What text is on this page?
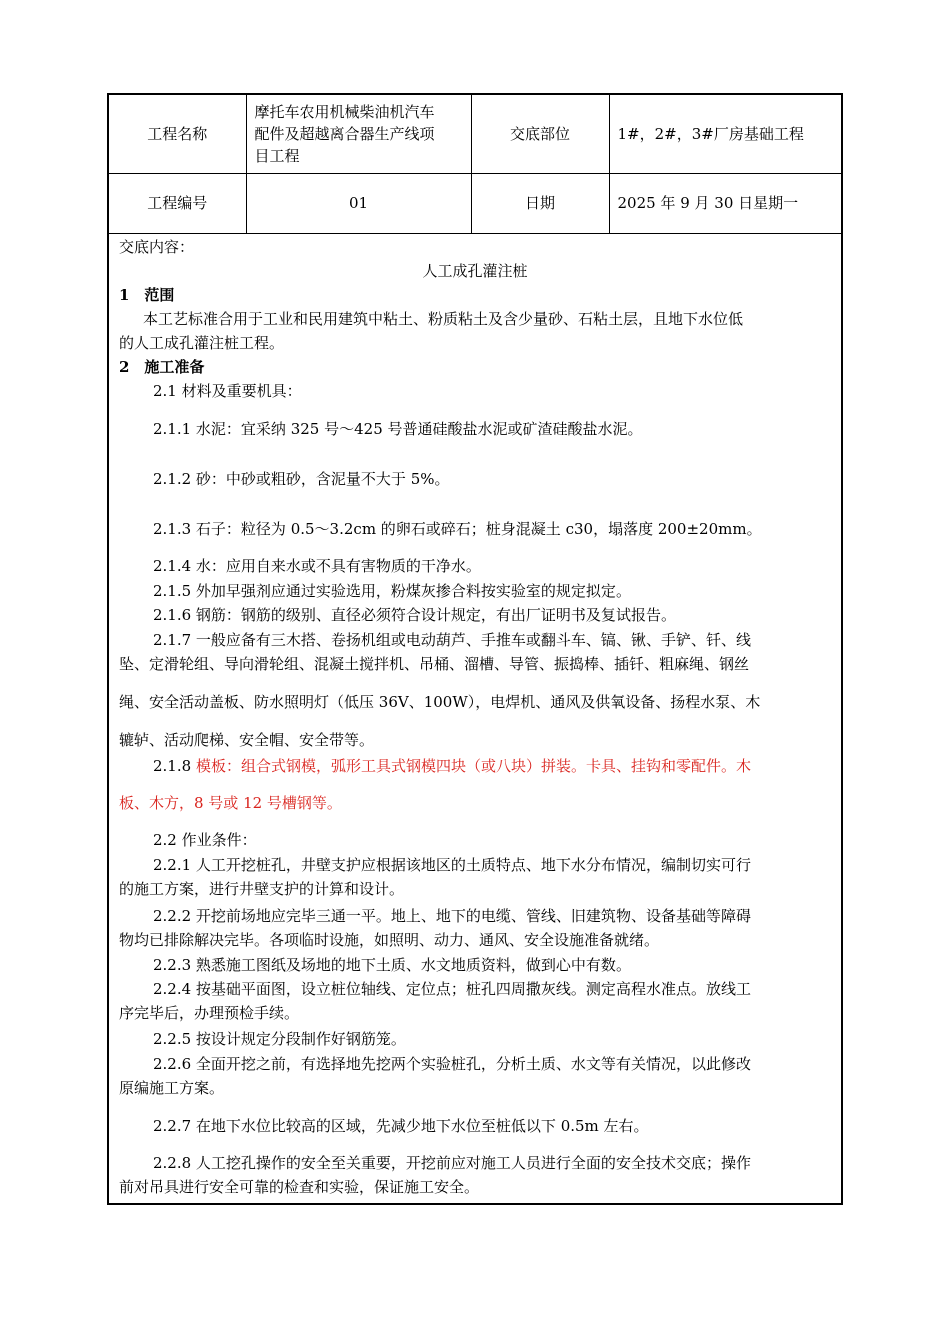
工程名称	摩托车农用机械柴油机汽车
配件及超越离合器生产线项
目工程	交底部位	1#，2#，3#厂房基础工程
工程编号	01	日期	2025 年 9 月 30 日星期一
交底内容：
人工成孔灌注桩
1　范围
本工艺标准合用于工业和民用建筑中粘土、粉质粘土及含少量砂、石粘土层，且地下水位低
的人工成孔灌注桩工程。
2　施工准备
2.1 材料及重要机具：
2.1.1 水泥：宜采纳 325 号～425 号普通硅酸盐水泥或矿渣硅酸盐水泥。
2.1.2 砂：中砂或粗砂，含泥量不大于 5%。
2.1.3 石子：粒径为 0.5～3.2cm 的卵石或碎石；桩身混凝土 c30，塌落度 200±20mm。
2.1.4 水：应用自来水或不具有害物质的干净水。
2.1.5 外加早强剂应通过实验选用，粉煤灰掺合料按实验室的规定拟定。
2.1.6 钢筋：钢筋的级别、直径必须符合设计规定，有出厂证明书及复试报告。
2.1.7 一般应备有三木搭、卷扬机组或电动葫芦、手推车或翻斗车、镐、锹、手铲、钎、线
坠、定滑轮组、导向滑轮组、混凝土搅拌机、吊桶、溜槽、导管、振捣棒、插钎、粗麻绳、钢丝
绳、安全活动盖板、防水照明灯（低压 36V、100W），电焊机、通风及供氧设备、扬程水泵、木
辘轳、活动爬梯、安全帽、安全带等。
2.1.8 模板：组合式钢模，弧形工具式钢模四块（或八块）拼装。卡具、挂钩和零配件。木
板、木方，8 号或 12 号槽钢等。
2.2 作业条件：
2.2.1 人工开挖桩孔，井壁支护应根据该地区的土质特点、地下水分布情况，编制切实可行
的施工方案，进行井壁支护的计算和设计。
2.2.2 开挖前场地应完毕三通一平。地上、地下的电缆、管线、旧建筑物、设备基础等障碍
物均已排除解决完毕。各项临时设施，如照明、动力、通风、安全设施准备就绪。
2.2.3 熟悉施工图纸及场地的地下土质、水文地质资料，做到心中有数。
2.2.4 按基础平面图，设立桩位轴线、定位点；桩孔四周撒灰线。测定高程水准点。放线工
序完毕后，办理预检手续。
2.2.5 按设计规定分段制作好钢筋笼。
2.2.6 全面开挖之前，有选择地先挖两个实验桩孔，分析土质、水文等有关情况，以此修改
原编施工方案。
2.2.7 在地下水位比较高的区域，先减少地下水位至桩低以下 0.5m 左右。
2.2.8 人工挖孔操作的安全至关重要，开挖前应对施工人员进行全面的安全技术交底；操作
前对吊具进行安全可靠的检查和实验，保证施工安全。
